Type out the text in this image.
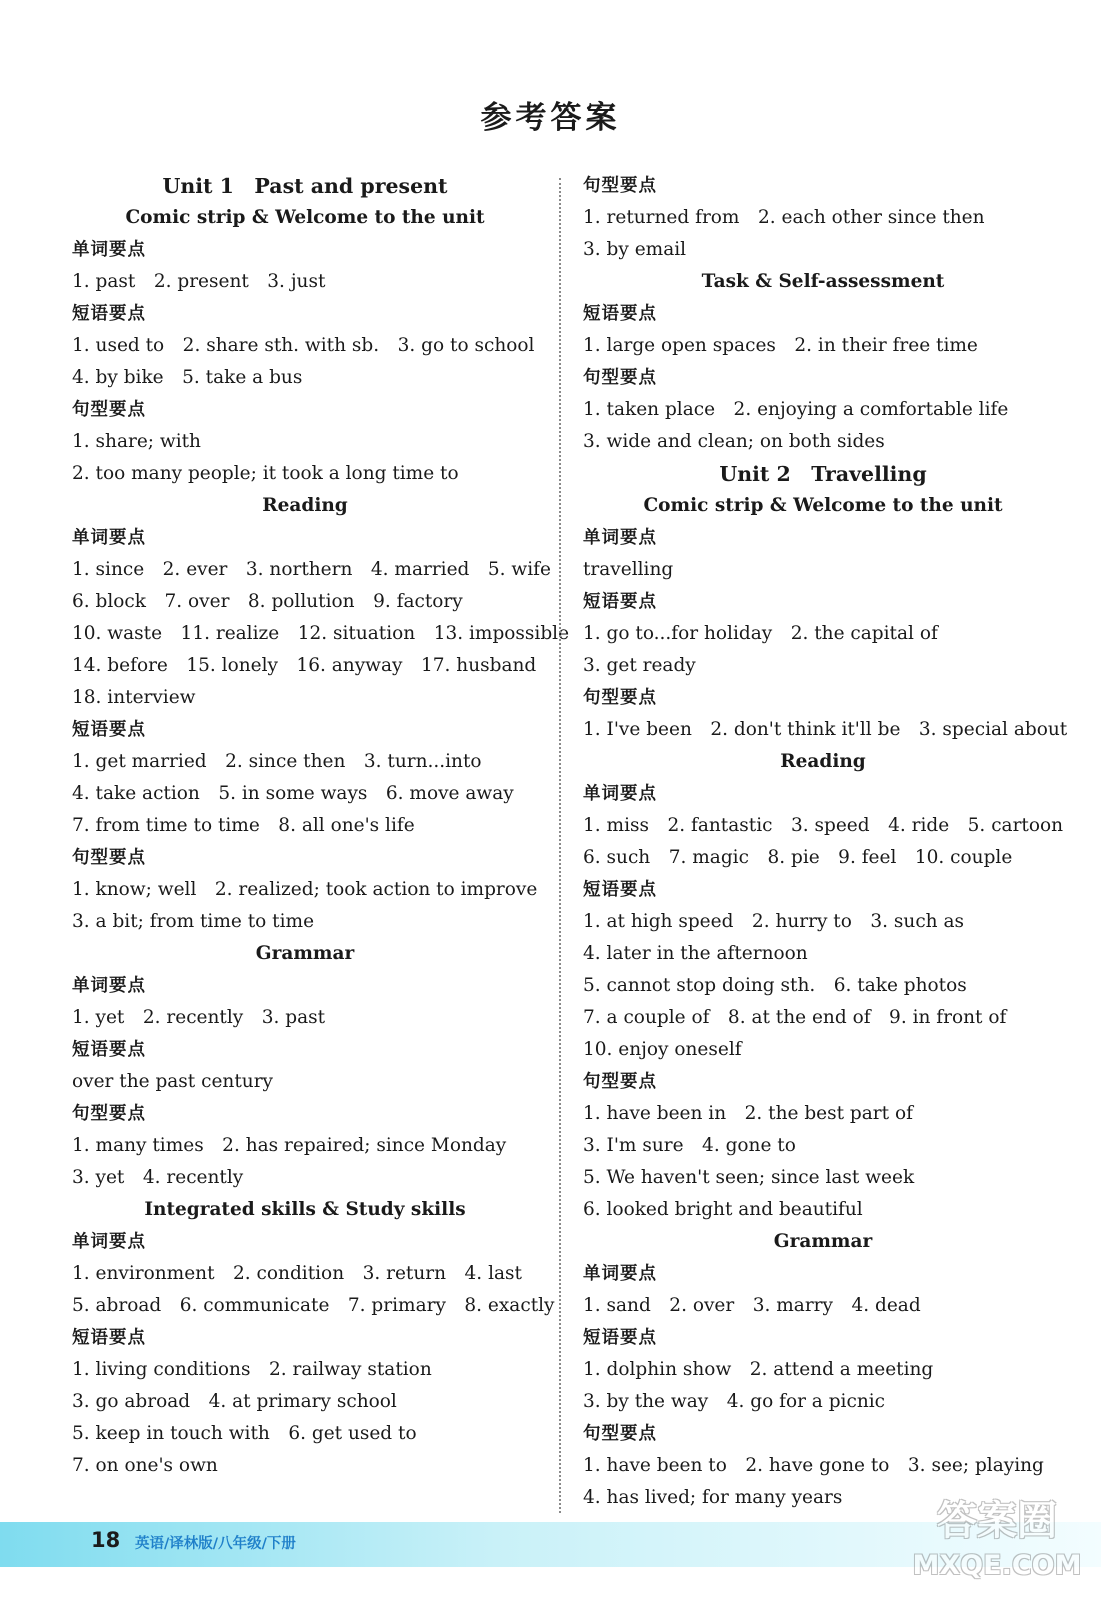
参考答案
Unit 1　Past and present
Comic strip & Welcome to the unit
单词要点
1. past　2. present　3. just
短语要点
1. used to　2. share sth. with sb.　3. go to school
4. by bike　5. take a bus
句型要点
1. share; with
2. too many people; it took a long time to
Reading
单词要点
1. since　2. ever　3. northern　4. married　5. wife
6. block　7. over　8. pollution　9. factory
10. waste　11. realize　12. situation　13. impossible
14. before　15. lonely　16. anyway　17. husband
18. interview
短语要点
1. get married　2. since then　3. turn...into
4. take action　5. in some ways　6. move away
7. from time to time　8. all one's life
句型要点
1. know; well　2. realized; took action to improve
3. a bit; from time to time
Grammar
单词要点
1. yet　2. recently　3. past
短语要点
over the past century
句型要点
1. many times　2. has repaired; since Monday
3. yet　4. recently
Integrated skills & Study skills
单词要点
1. environment　2. condition　3. return　4. last
5. abroad　6. communicate　7. primary　8. exactly
短语要点
1. living conditions　2. railway station
3. go abroad　4. at primary school
5. keep in touch with　6. get used to
7. on one's own
句型要点
1. returned from　2. each other since then
3. by email
Task & Self-assessment
短语要点
1. large open spaces　2. in their free time
句型要点
1. taken place　2. enjoying a comfortable life
3. wide and clean; on both sides
Unit 2　Travelling
Comic strip & Welcome to the unit
单词要点
travelling
短语要点
1. go to...for holiday　2. the capital of
3. get ready
句型要点
1. I've been　2. don't think it'll be　3. special about
Reading
单词要点
1. miss　2. fantastic　3. speed　4. ride　5. cartoon
6. such　7. magic　8. pie　9. feel　10. couple
短语要点
1. at high speed　2. hurry to　3. such as
4. later in the afternoon
5. cannot stop doing sth.　6. take photos
7. a couple of　8. at the end of　9. in front of
10. enjoy oneself
句型要点
1. have been in　2. the best part of
3. I'm sure　4. gone to
5. We haven't seen; since last week
6. looked bright and beautiful
Grammar
单词要点
1. sand　2. over　3. marry　4. dead
短语要点
1. dolphin show　2. attend a meeting
3. by the way　4. go for a picnic
句型要点
1. have been to　2. have gone to　3. see; playing
4. has lived; for many years
18 英语/译林版/八年级/下册	答案圈
MXQE.COM
